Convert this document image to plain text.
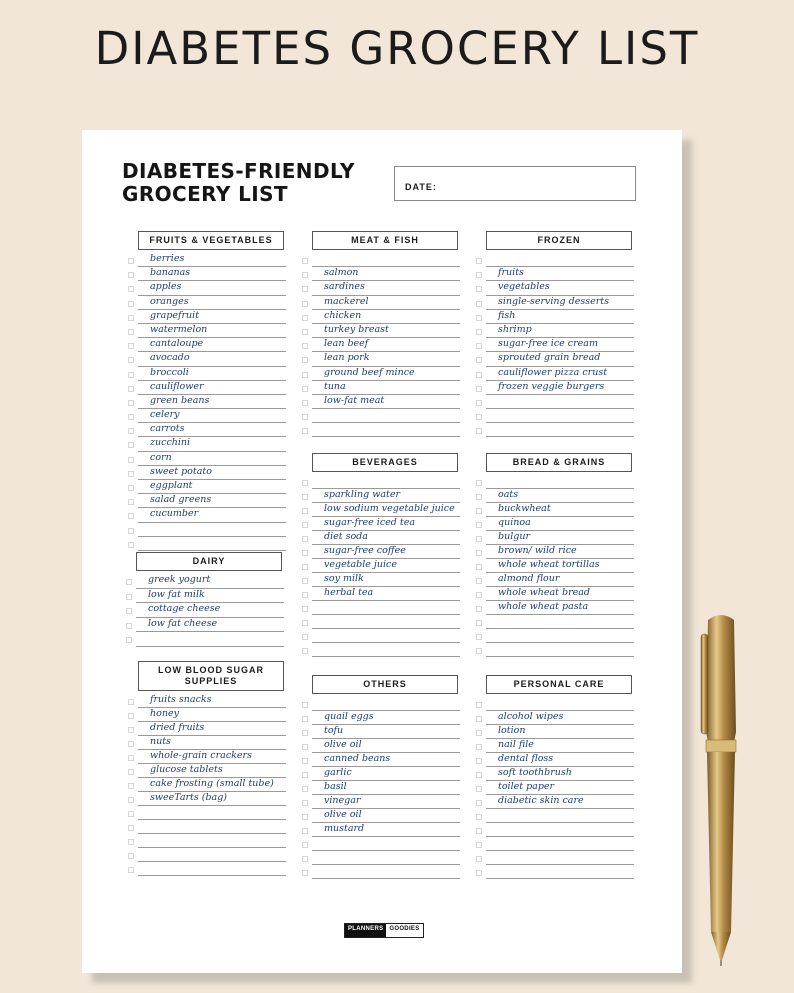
DIABETES GROCERY LIST
DIABETES-FRIENDLY
GROCERY LIST	DATE:
FRUITS & VEGETABLES
berries
bananas
apples
oranges
grapefruit
watermelon
cantaloupe
avocado
broccoli
cauliflower
green beans
celery
carrots
zucchini
corn
sweet potato
eggplant
salad greens
cucumber
MEAT & FISH
salmon
sardines
mackerel
chicken
turkey breast
lean beef
lean pork
ground beef mince
tuna
low-fat meat
FROZEN
fruits
vegetables
single-serving desserts
fish
shrimp
sugar-free ice cream
sprouted grain bread
cauliflower pizza crust
frozen veggie burgers
DAIRY
greek yogurt
low fat milk
cottage cheese
low fat cheese
BEVERAGES
sparkling water
low sodium vegetable juice
sugar-free iced tea
diet soda
sugar-free coffee
vegetable juice
soy milk
herbal tea
BREAD & GRAINS
oats
buckwheat
quinoa
bulgur
brown/ wild rice
whole wheat tortillas
almond flour
whole wheat bread
whole wheat pasta
LOW BLOOD SUGAR SUPPLIES
fruits snacks
honey
dried fruits
nuts
whole-grain crackers
glucose tablets
cake frosting (small tube)
sweeTarts (bag)
OTHERS
quail eggs
tofu
olive oil
canned beans
garlic
basil
vinegar
olive oil
mustard
PERSONAL CARE
alcohol wipes
lotion
nail file
dental floss
soft toothbrush
toilet paper
diabetic skin care
PLANNERS	GOODIES
